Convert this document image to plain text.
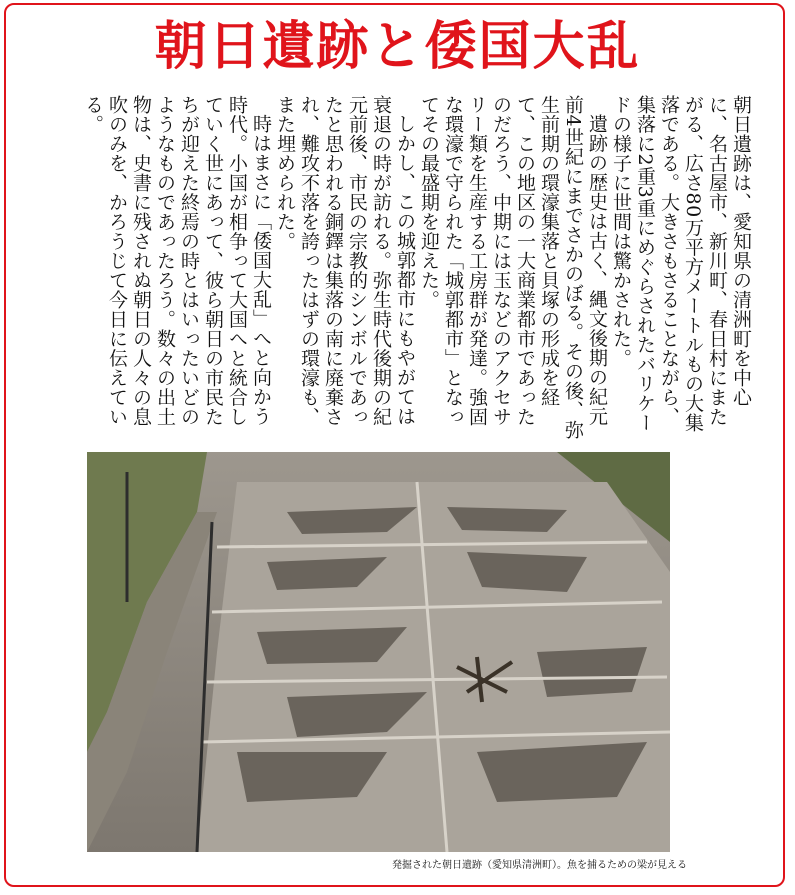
朝日遺跡と倭国大乱

朝日遺跡は、愛知県の清洲町を中心に、名古屋市、新川町、春日村にまたがる、広さ80万平方メートルもの大集落である。大きさもさることながら、集落に2重3重にめぐらされたバリケードの様子に世間は驚かされた。

遺跡の歴史は古く、縄文後期の紀元前4世紀にまでさかのぼる。その後、弥生前期の環濠集落と貝塚の形成を経て、この地区の一大商業都市であったのだろう、中期には玉などのアクセサリー類を生産する工房群が発達。強固な環濠で守られた「城郭都市」となってその最盛期を迎えた。

しかし、この城郭都市にもやがては衰退の時が訪れる。弥生時代後期の紀元前後、市民の宗教的シンボルであったと思われる銅鐸は集落の南に廃棄され、難攻不落を誇ったはずの環濠も、また埋められた。

時はまさに「倭国大乱」へと向かう時代。小国が相争って大国へと統合していく世にあって、彼ら朝日の市民たちが迎えた終焉の時とはいったいどのようなものであったろう。数々の出土物は、史書に残されぬ朝日の人々の息吹のみを、かろうじて今日に伝えている。

発掘された朝日遺跡（愛知県清洲町）。魚を捕るための梁が見える
